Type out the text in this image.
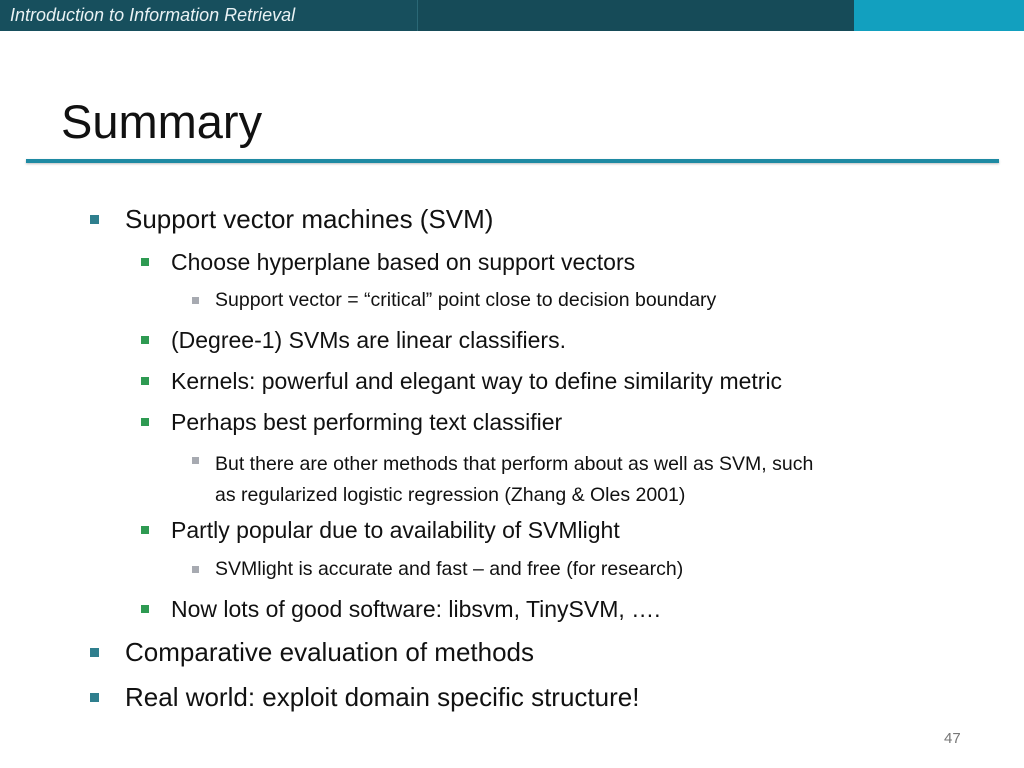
Introduction to Information Retrieval
Summary
Support vector machines (SVM)
Choose hyperplane based on support vectors
Support vector = “critical” point close to decision boundary
(Degree-1) SVMs are linear classifiers.
Kernels: powerful and elegant way to define similarity metric
Perhaps best performing text classifier
But there are other methods that perform about as well as SVM, such
as regularized logistic regression (Zhang & Oles 2001)
Partly popular due to availability of SVMlight
SVMlight is accurate and fast – and free (for research)
Now lots of good software: libsvm, TinySVM, ….
Comparative evaluation of methods
Real world: exploit domain specific structure!
47
